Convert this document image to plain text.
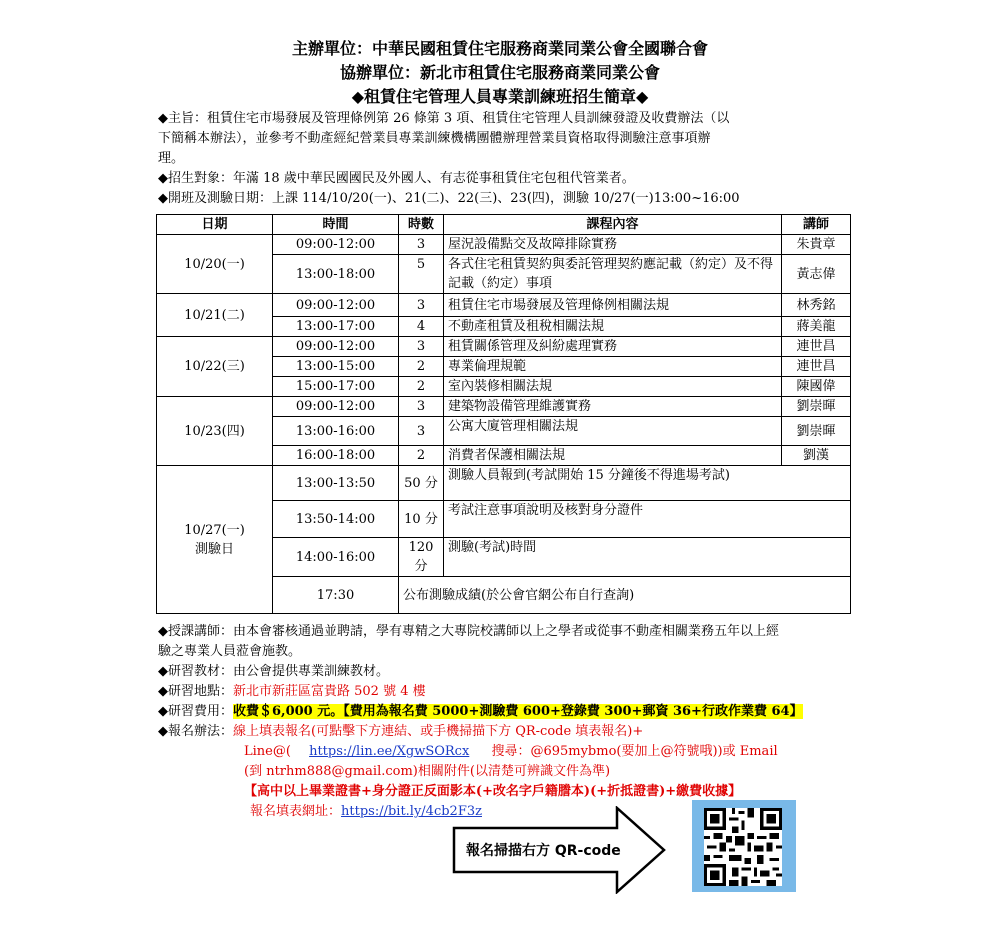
主辦單位：中華民國租賃住宅服務商業同業公會全國聯合會
協辦單位：新北市租賃住宅服務商業同業公會
◆租賃住宅管理人員專業訓練班招生簡章◆
◆主旨：租賃住宅市場發展及管理條例第 26 條第 3 項、租賃住宅管理人員訓練發證及收費辦法（以
下簡稱本辦法），並參考不動產經紀營業員專業訓練機構團體辦理營業員資格取得測驗注意事項辦
理。
◆招生對象：年滿 18 歲中華民國國民及外國人、有志從事租賃住宅包租代管業者。
◆開班及測驗日期：上課 114/10/20(一)、21(二)、22(三)、23(四)，測驗 10/27(一)13:00~16:00
日期	時間	時數	課程內容	講師
10/20(一)	09:00-12:00	3	屋況設備點交及故障排除實務	朱貴章
	13:00-18:00	5	各式住宅租賃契約與委託管理契約應記載（約定）及不得記載（約定）事項	黃志偉
10/21(二)	09:00-12:00	3	租賃住宅市場發展及管理條例相關法規	林秀銘
	13:00-17:00	4	不動產租賃及租稅相關法規	蔣美龍
10/22(三)	09:00-12:00	3	租賃關係管理及糾紛處理實務	連世昌
	13:00-15:00	2	專業倫理規範	連世昌
	15:00-17:00	2	室內裝修相關法規	陳國偉
10/23(四)	09:00-12:00	3	建築物設備管理維護實務	劉崇暉
	13:00-16:00	3	公寓大廈管理相關法規	劉崇暉
	16:00-18:00	2	消費者保護相關法規	劉漢
10/27(一)
測驗日	13:00-13:50	50 分	測驗人員報到(考試開始 15 分鐘後不得進場考試)	
	13:50-14:00	10 分	考試注意事項說明及核對身分證件	
	14:00-16:00	120 分	測驗(考試)時間	
	17:30	公布測驗成績(於公會官網公布自行查詢)		
◆授課講師：由本會審核通過並聘請，學有專精之大專院校講師以上之學者或從事不動產相關業務五年以上經
驗之專業人員蒞會施教。
◆研習教材：由公會提供專業訓練教材。
◆研習地點：新北市新莊區富貴路 502 號 4 樓
◆研習費用：收費＄6,000 元。【費用為報名費 5000+測驗費 600+登錄費 300+郵資 36+行政作業費 64】
◆報名辦法：線上填表報名(可點擊下方連結、或手機掃描下方 QR-code 填表報名)+
Line@( https://lin.ee/XgwSORcx 搜尋：@695mybmo(要加上@符號哦))或 Email
(到 ntrhm888@gmail.com)相關附件(以清楚可辨識文件為準)
【高中以上畢業證書+身分證正反面影本(+改名字戶籍謄本)(+折抵證書)+繳費收據】
報名填表網址：https://bit.ly/4cb2F3z
報名掃描右方 QR-code
